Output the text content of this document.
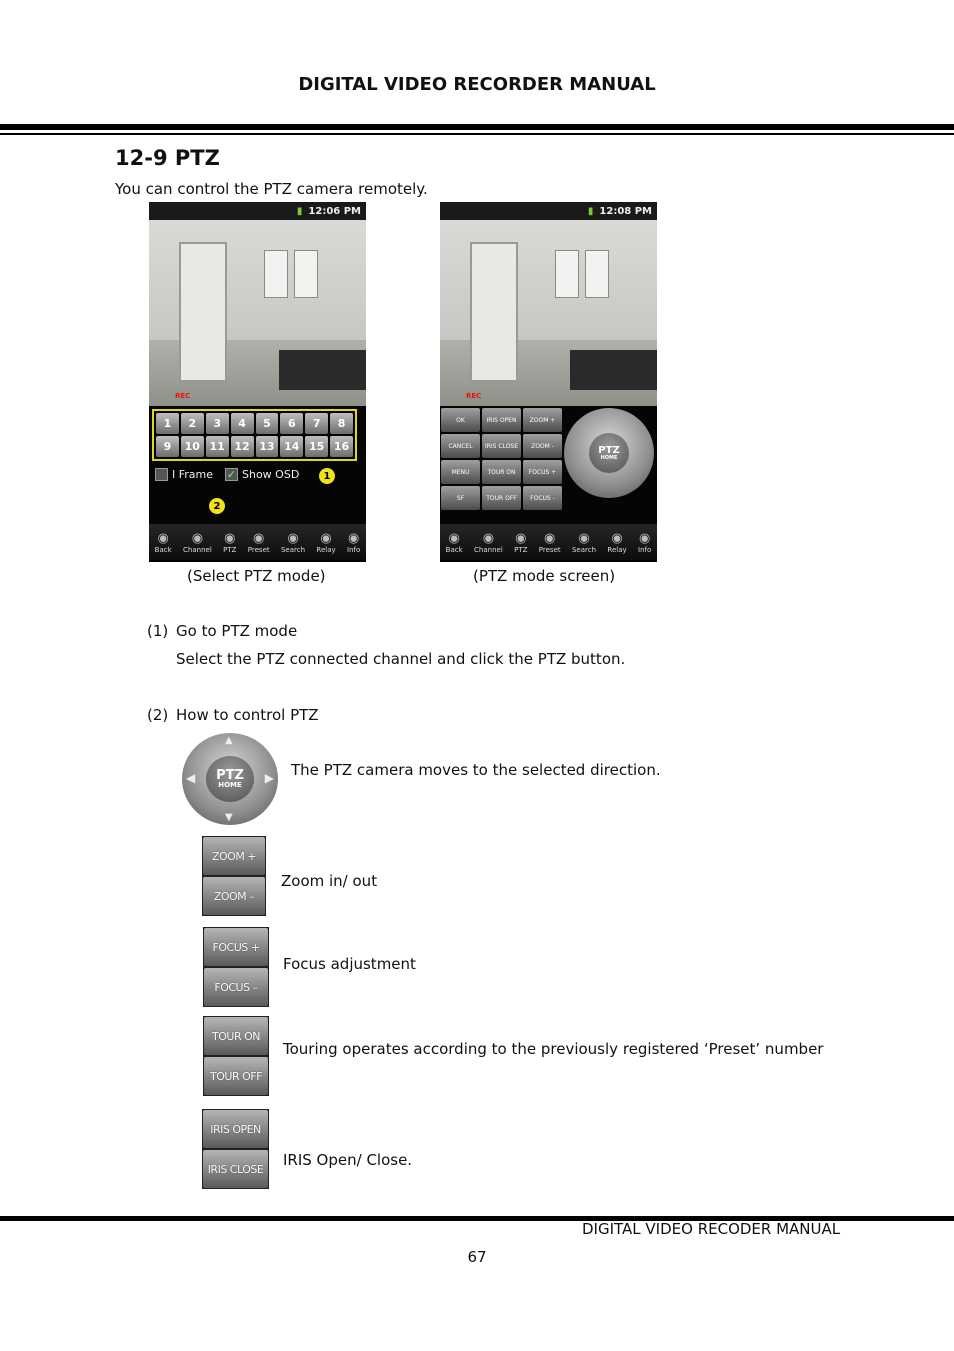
DIGITAL VIDEO RECORDER MANUAL
12-9 PTZ
You can control the PTZ camera remotely.
▮ 12:06 PM
REC
1	2	3	4	5	6	7	8
9	10 11 12 13 14 15 16
I Frame ✓ Show OSD	1
2
◉
Back
◉
Channel
◉
PTZ
◉
Preset
◉
Search
◉
Relay
◉
Info
(Select PTZ mode)
▮ 12:08 PM
REC
OK
CANCEL
MENU
SF
IRIS OPEN
IRIS CLOSE
TOUR ON
TOUR OFF
ZOOM +
ZOOM -
FOCUS +
FOCUS -
PTZ
HOME
◉
Back
◉
Channel
◉
PTZ
◉
Preset
◉
Search
◉
Relay
◉
Info
(PTZ mode screen)
(1) Go to PTZ mode
Select the PTZ connected channel and click the PTZ button.
(2) How to control PTZ
PTZ
HOME
▲
▼
◀	▶ The PTZ camera moves to the selected direction.
ZOOM +
ZOOM –
Zoom in/ out
FOCUS +
FOCUS –
Focus adjustment
TOUR ON
TOUR OFF
Touring operates according to the previously registered ‘Preset’ number
IRIS OPEN
IRIS CLOSE	IRIS Open/ Close.
DIGITAL VIDEO RECODER MANUAL
67
